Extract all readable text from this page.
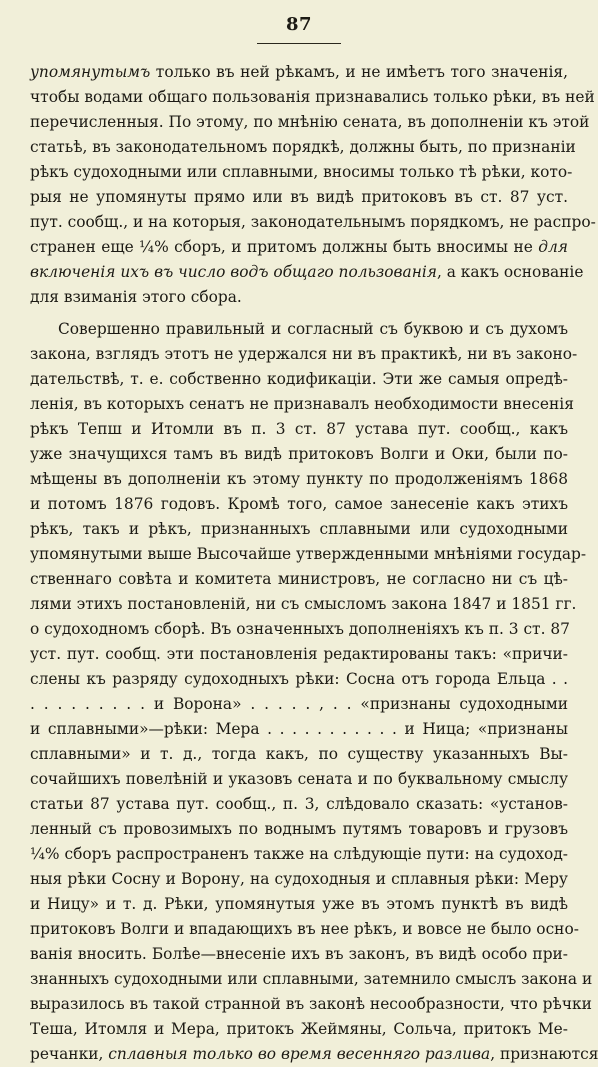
87
упомянутымъ только въ ней рѣкамъ, и не имѣетъ того значенія,
чтобы водами общаго пользованія признавались только рѣки, въ ней
перечисленныя. По этому, по мнѣнію сената, въ дополненіи къ этой
статьѣ, въ законодательномъ порядкѣ, должны быть, по признаніи
рѣкъ судоходными или сплавными, вносимы только тѣ рѣки, кото-
рыя не упомянуты прямо или въ видѣ притоковъ въ ст. 87 уст.
пут. сообщ., и на которыя, законодательнымъ порядкомъ, не распро-
странен еще ¼% сборъ, и притомъ должны быть вносимы не для
включенія ихъ въ число водъ общаго пользованія, а какъ основаніе
для взиманія этого сбора.
Совершенно правильный и согласный съ буквою и съ духомъ
закона, взглядъ этотъ не удержался ни въ практикѣ, ни въ законо-
дательствѣ, т. е. собственно кодификаціи. Эти же самыя опредѣ-
ленія, въ которыхъ сенатъ не признавалъ необходимости внесенія
рѣкъ Тепш и Итомли въ п. 3 ст. 87 устава пут. сообщ., какъ
уже значущихся тамъ въ видѣ притоковъ Волги и Оки, были по-
мѣщены въ дополненіи къ этому пункту по продолженіямъ 1868
и потомъ 1876 годовъ. Кромѣ того, самое занесеніе какъ этихъ
рѣкъ, такъ и рѣкъ, признанныхъ сплавными или судоходными
упомянутыми выше Высочайше утвержденными мнѣніями государ-
ственнаго совѣта и комитета министровъ, не согласно ни съ цѣ-
лями этихъ постановленій, ни съ смысломъ закона 1847 и 1851 гг.
о судоходномъ сборѣ. Въ означенныхъ дополненіяхъ къ п. 3 ст. 87
уст. пут. сообщ. эти постановленія редактированы такъ: «причи-
слены къ разряду судоходныхъ рѣки: Сосна отъ города Ельца . .
. . . . . . . . . и Ворона» . . . . . , . . «признаны судоходными
и сплавными»—рѣки: Мера . . . . . . . . . . . и Ница; «признаны
сплавными» и т. д., тогда какъ, по существу указанныхъ Вы-
сочайшихъ повелѣній и указовъ сената и по буквальному смыслу
статьи 87 устава пут. сообщ., п. 3, слѣдовало сказать: «установ-
ленный съ провозимыхъ по воднымъ путямъ товаровъ и грузовъ
¼% сборъ распространенъ также на слѣдующіе пути: на судоход-
ныя рѣки Сосну и Ворону, на судоходныя и сплавныя рѣки: Меру
и Ницу» и т. д. Рѣки, упомянутыя уже въ этомъ пунктѣ въ видѣ
притоковъ Волги и впадающихъ въ нее рѣкъ, и вовсе не было осно-
ванія вносить. Болѣе—внесеніе ихъ въ законъ, въ видѣ особо при-
знанныхъ судоходными или сплавными, затемнило смыслъ закона и
выразилось въ такой странной въ законѣ несообразности, что рѣчки
Теша, Итомля и Мера, притокъ Жеймяны, Сольча, притокъ Ме-
речанки, сплавныя только во время весенняго разлива, признаются
